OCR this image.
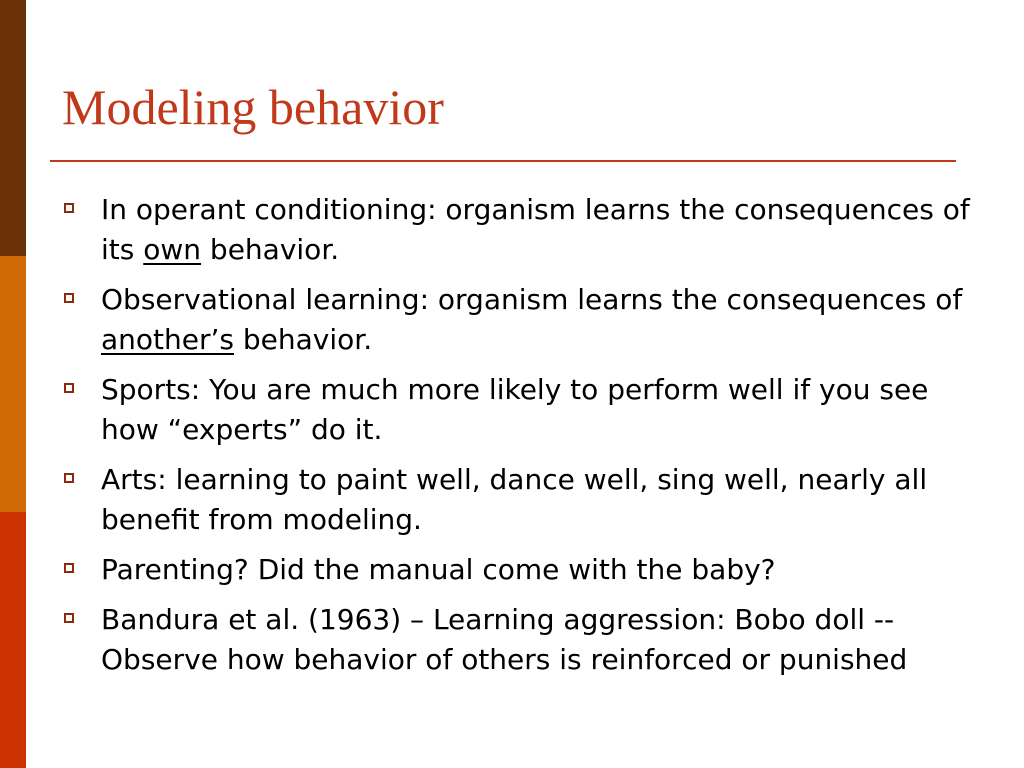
Modeling behavior
In operant conditioning: organism learns the consequences of its own behavior.
Observational learning: organism learns the consequences of another’s behavior.
Sports: You are much more likely to perform well if you see how “experts” do it.
Arts: learning to paint well, dance well, sing well, nearly all benefit from modeling.
Parenting? Did the manual come with the baby?
Bandura et al. (1963) – Learning aggression: Bobo doll -- Observe how behavior of others is reinforced or punished
